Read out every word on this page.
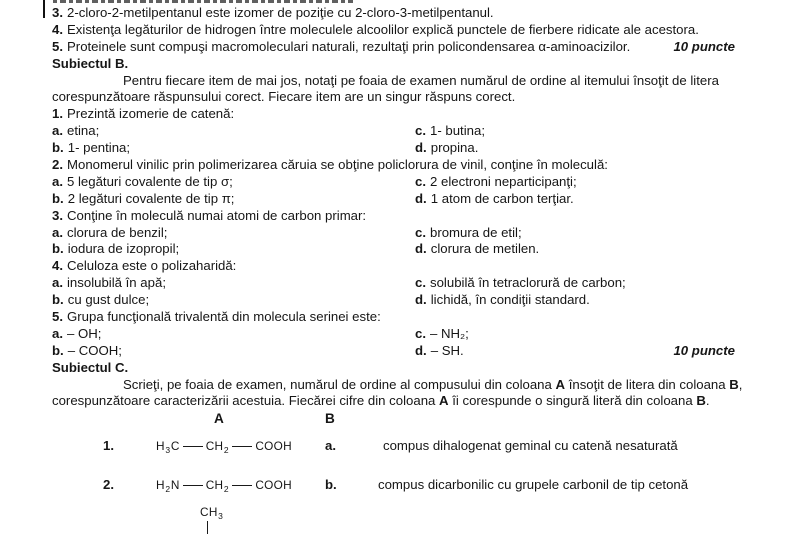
3. 2-cloro-2-metilpentanul este izomer de poziţie cu 2-cloro-3-metilpentanul.
4. Existenţa legăturilor de hidrogen între moleculele alcoolilor explică punctele de fierbere ridicate ale acestora.
10 puncte
5. Proteinele sunt compuşi macromoleculari naturali, rezultaţi prin policondensarea α-aminoacizilor.
Subiectul B.
Pentru fiecare item de mai jos, notaţi pe foaia de examen numărul de ordine al itemului însoţit de litera
corespunzătoare răspunsului corect. Fiecare item are un singur răspuns corect.
1. Prezintă izomerie de catenă:
a. etina;	c. 1- butina;
b. 1- pentina;	d. propina.
2. Monomerul vinilic prin polimerizarea căruia se obţine policlorura de vinil, conţine în moleculă:
a. 5 legături covalente de tip σ;	c. 2 electroni neparticipanţi;
b. 2 legături covalente de tip π;	d. 1 atom de carbon terţiar.
3. Conţine în moleculă numai atomi de carbon primar:
a. clorura de benzil;	c. bromura de etil;
b. iodura de izopropil;	d. clorura de metilen.
4. Celuloza este o polizaharidă:
a. insolubilă în apă;	c. solubilă în tetraclorură de carbon;
b. cu gust dulce;	d. lichidă, în condiţii standard.
5. Grupa funcţională trivalentă din molecula serinei este:
a. – OH;	c. – NH₂;
10 puncte
b. – COOH;	d. – SH.
Subiectul C.
Scrieţi, pe foaia de examen, numărul de ordine al compusului din coloana A însoţit de litera din coloana B,
corespunzătoare caracterizării acestuia. Fiecărei cifre din coloana A îi corespunde o singură literă din coloana B.
A	B
1.	$H_3C$ $CH_2$ COOH	a.	compus dihalogenat geminal cu catenă nesaturată
2.	$H_2N$ $CH_2$ COOH	b.	compus dicarbonilic cu grupele carbonil de tip cetonă
$CH_3$
